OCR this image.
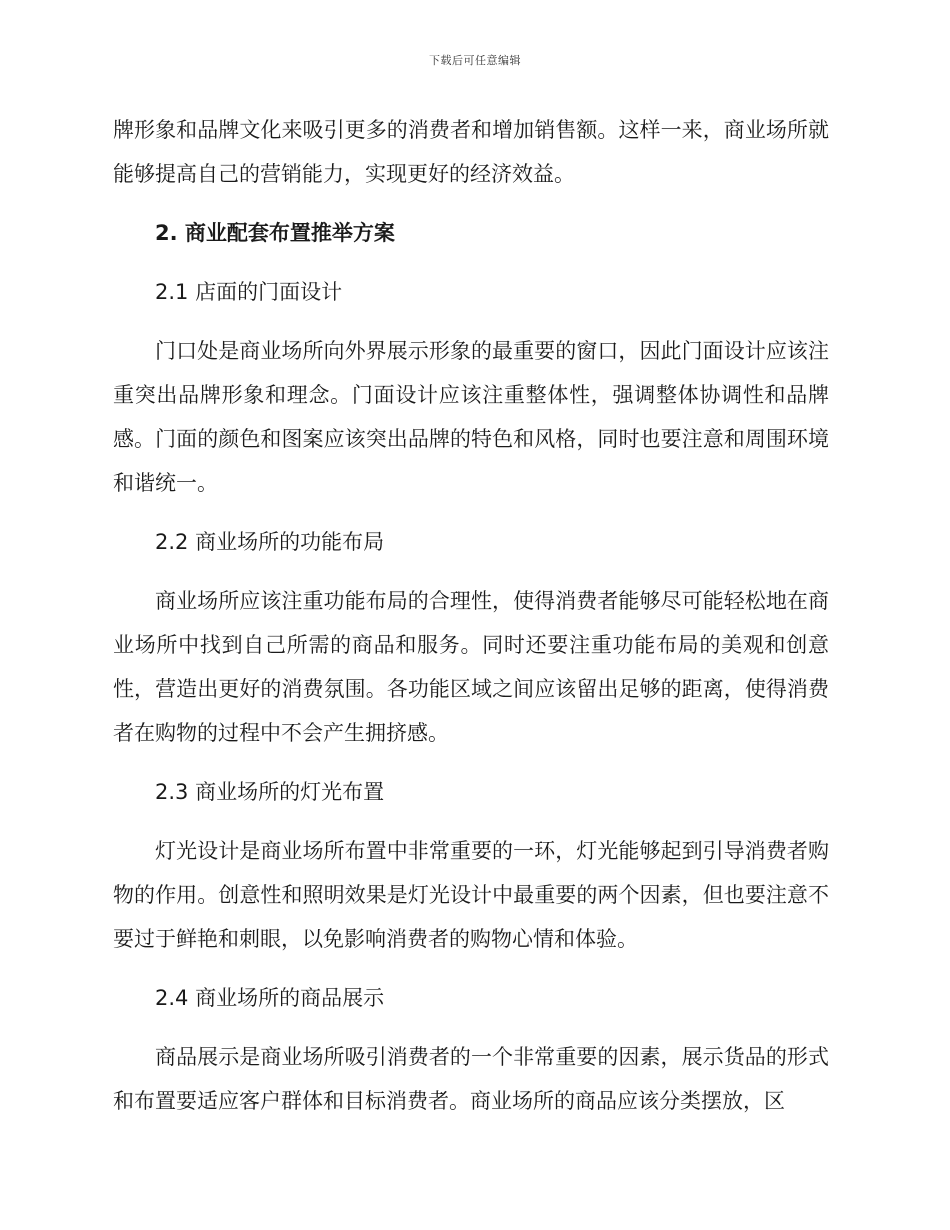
下载后可任意编辑

牌形象和品牌文化来吸引更多的消费者和增加销售额。这样一来，商业场所就能够提高自己的营销能力，实现更好的经济效益。

2. 商业配套布置推举方案
2.1 店面的门面设计

门口处是商业场所向外界展示形象的最重要的窗口，因此门面设计应该注重突出品牌形象和理念。门面设计应该注重整体性，强调整体协调性和品牌感。门面的颜色和图案应该突出品牌的特色和风格，同时也要注意和周围环境和谐统一。

2.2 商业场所的功能布局

商业场所应该注重功能布局的合理性，使得消费者能够尽可能轻松地在商业场所中找到自己所需的商品和服务。同时还要注重功能布局的美观和创意性，营造出更好的消费氛围。各功能区域之间应该留出足够的距离，使得消费者在购物的过程中不会产生拥挤感。

2.3 商业场所的灯光布置

灯光设计是商业场所布置中非常重要的一环，灯光能够起到引导消费者购物的作用。创意性和照明效果是灯光设计中最重要的两个因素，但也要注意不要过于鲜艳和刺眼，以免影响消费者的购物心情和体验。

2.4 商业场所的商品展示

商品展示是商业场所吸引消费者的一个非常重要的因素，展示货品的形式和布置要适应客户群体和目标消费者。商业场所的商品应该分类摆放，区
